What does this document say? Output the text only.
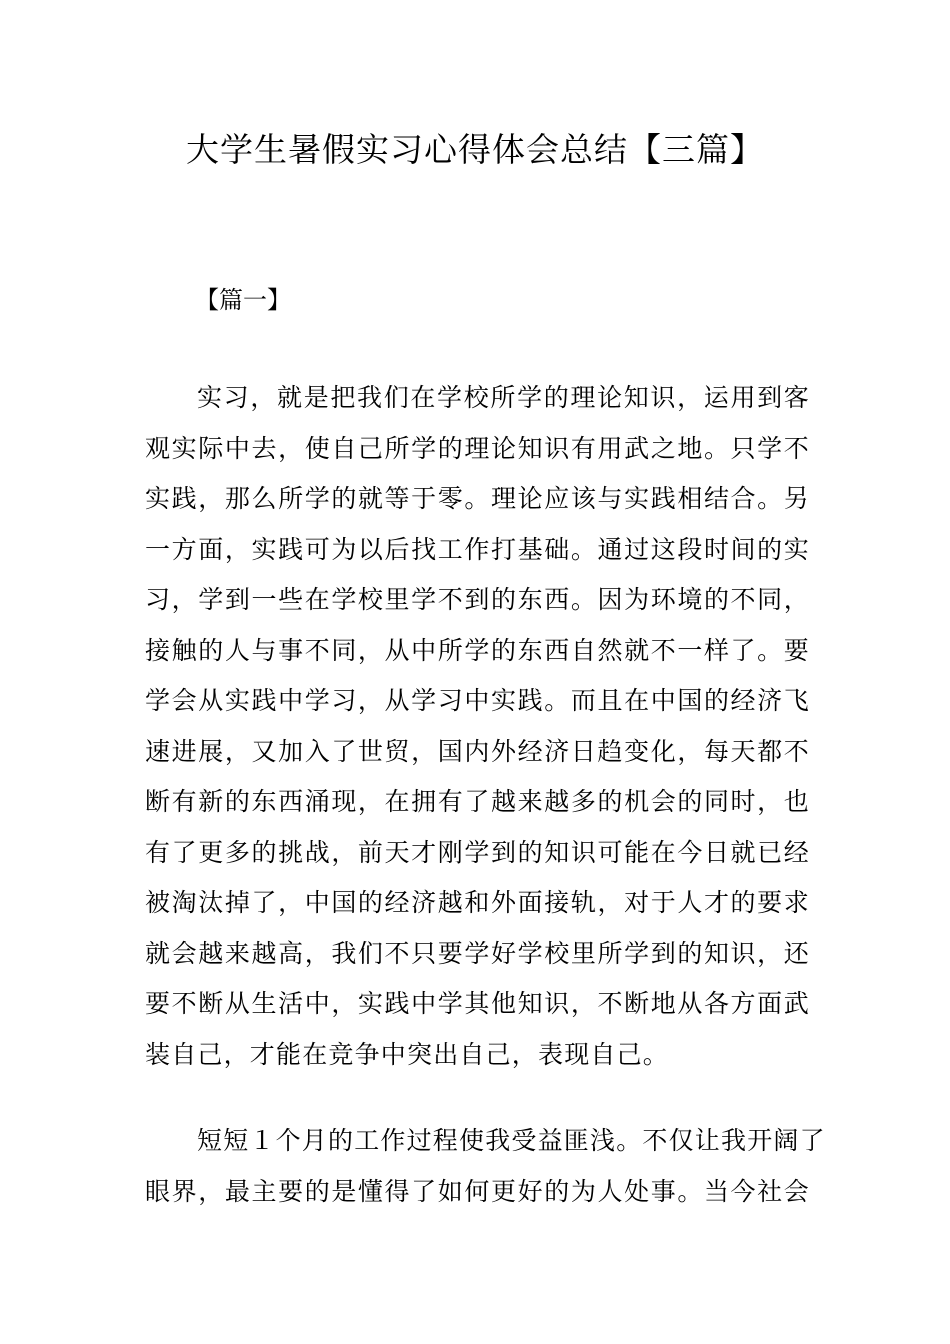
大学生暑假实习心得体会总结【三篇】
【篇一】

实习，就是把我们在学校所学的理论知识，运用到客
观实际中去，使自己所学的理论知识有用武之地。只学不
实践，那么所学的就等于零。理论应该与实践相结合。另
一方面，实践可为以后找工作打基础。通过这段时间的实
习，学到一些在学校里学不到的东西。因为环境的不同，
接触的人与事不同，从中所学的东西自然就不一样了。要
学会从实践中学习，从学习中实践。而且在中国的经济飞
速进展，又加入了世贸，国内外经济日趋变化，每天都不
断有新的东西涌现，在拥有了越来越多的机会的同时，也
有了更多的挑战，前天才刚学到的知识可能在今日就已经
被淘汰掉了，中国的经济越和外面接轨，对于人才的要求
就会越来越高，我们不只要学好学校里所学到的知识，还
要不断从生活中，实践中学其他知识，不断地从各方面武
装自己，才能在竞争中突出自己，表现自己。

短短１个月的工作过程使我受益匪浅。不仅让我开阔了
眼界，最主要的是懂得了如何更好的为人处事。当今社会
